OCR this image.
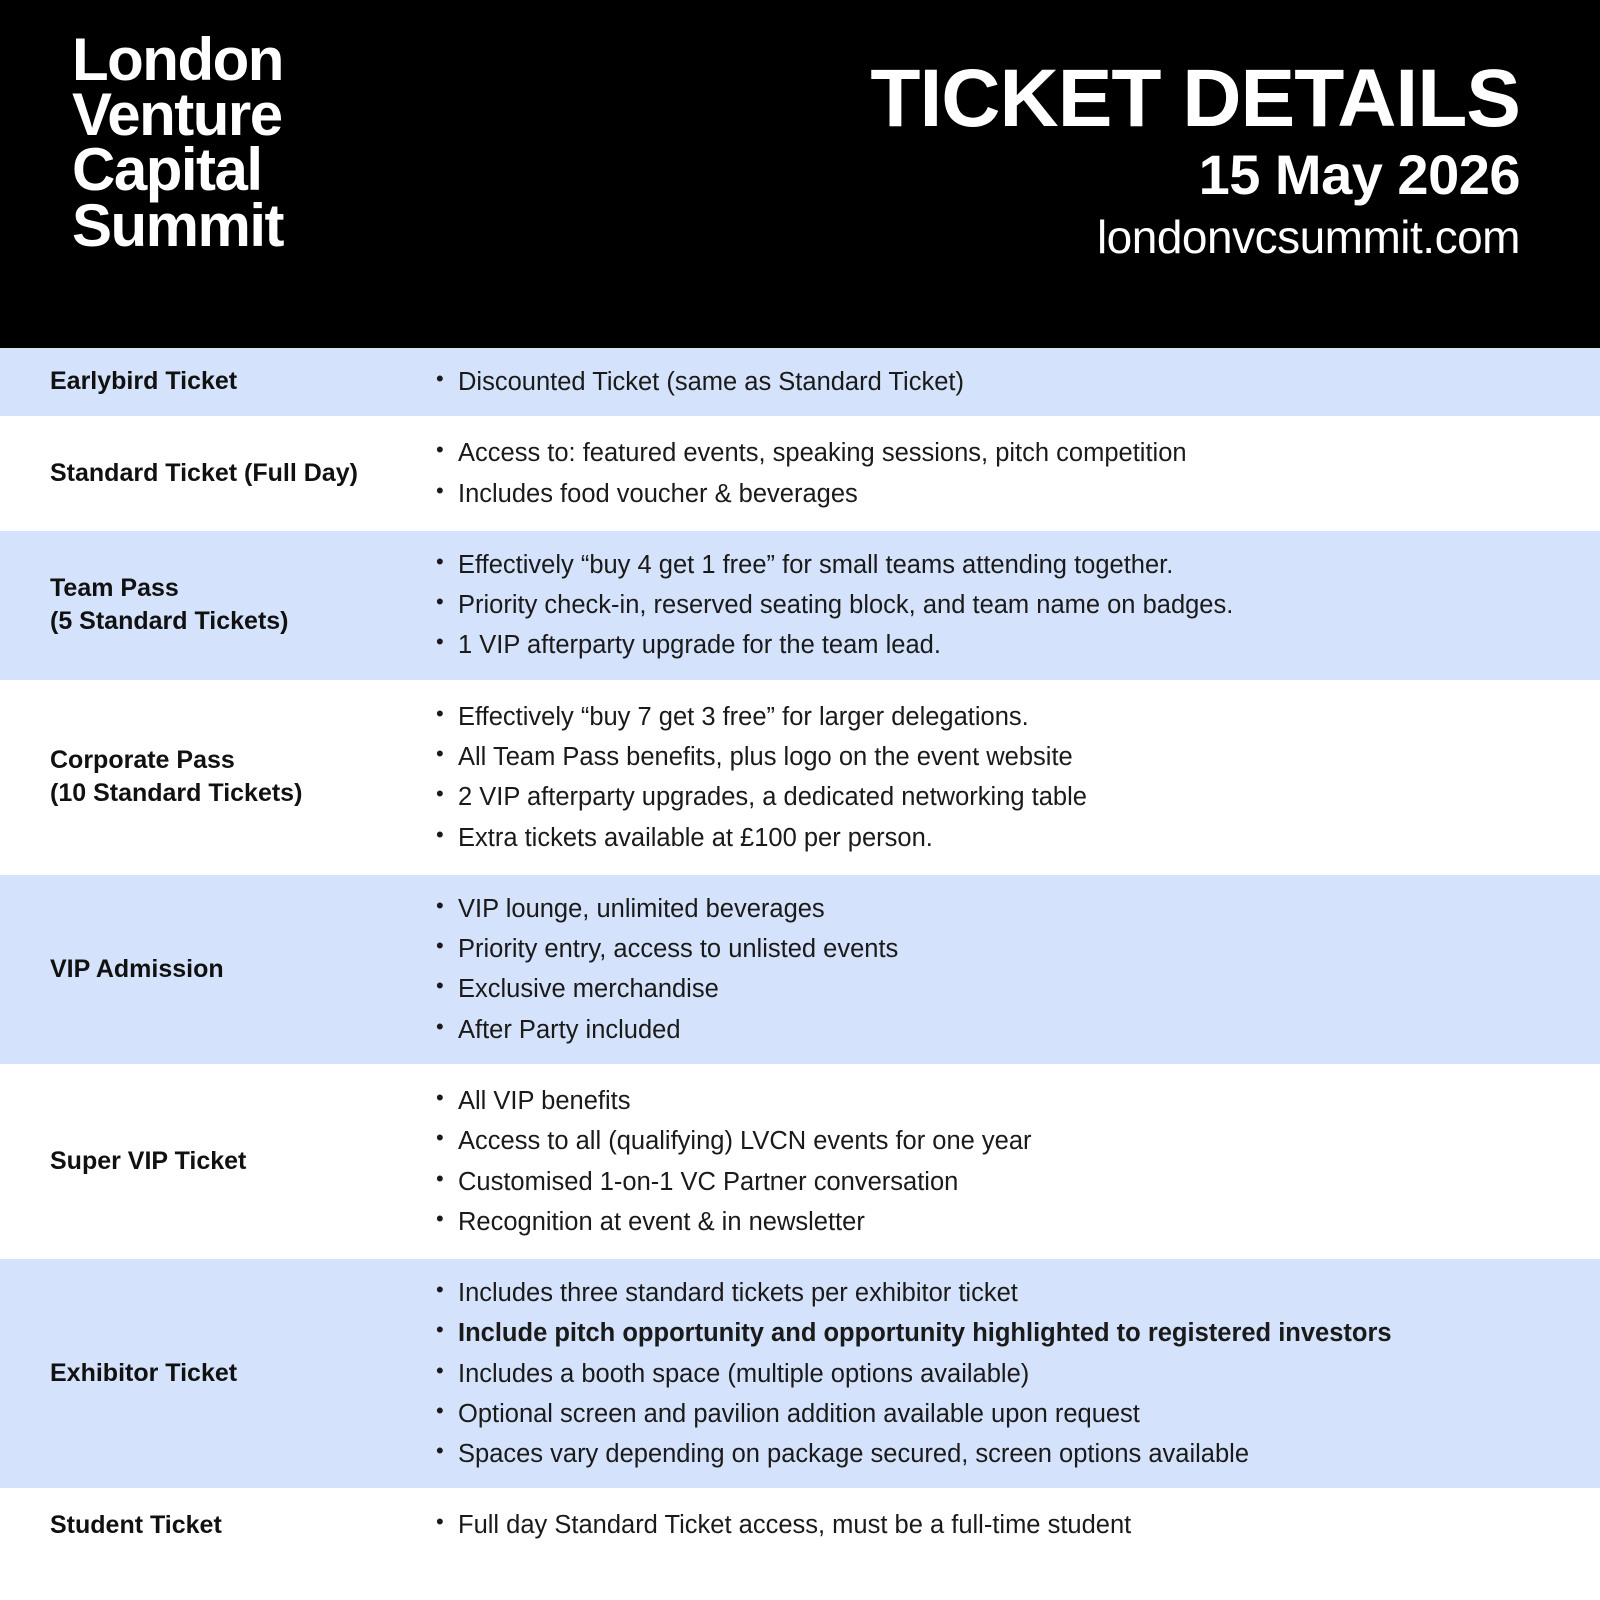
London
Venture
Capital
Summit
TICKET DETAILS
15 May 2026
londonvcsummit.com
Earlybird Ticket	• Discounted Ticket (same as Standard Ticket)
Standard Ticket (Full Day)
• Access to: featured events, speaking sessions, pitch competition
• Includes food voucher & beverages
Team Pass
(5 Standard Tickets)
• Effectively “buy 4 get 1 free” for small teams attending together.
• Priority check-in, reserved seating block, and team name on badges.
• 1 VIP afterparty upgrade for the team lead.
Corporate Pass
(10 Standard Tickets)
• Effectively “buy 7 get 3 free” for larger delegations.
• All Team Pass benefits, plus logo on the event website
• 2 VIP afterparty upgrades, a dedicated networking table
• Extra tickets available at £100 per person.
VIP Admission
• VIP lounge, unlimited beverages
• Priority entry, access to unlisted events
• Exclusive merchandise
• After Party included
Super VIP Ticket
• All VIP benefits
• Access to all (qualifying) LVCN events for one year
• Customised 1-on-1 VC Partner conversation
• Recognition at event & in newsletter
Exhibitor Ticket
• Includes three standard tickets per exhibitor ticket
• Include pitch opportunity and opportunity highlighted to registered investors
• Includes a booth space (multiple options available)
• Optional screen and pavilion addition available upon request
• Spaces vary depending on package secured, screen options available
Student Ticket	• Full day Standard Ticket access, must be a full-time student
